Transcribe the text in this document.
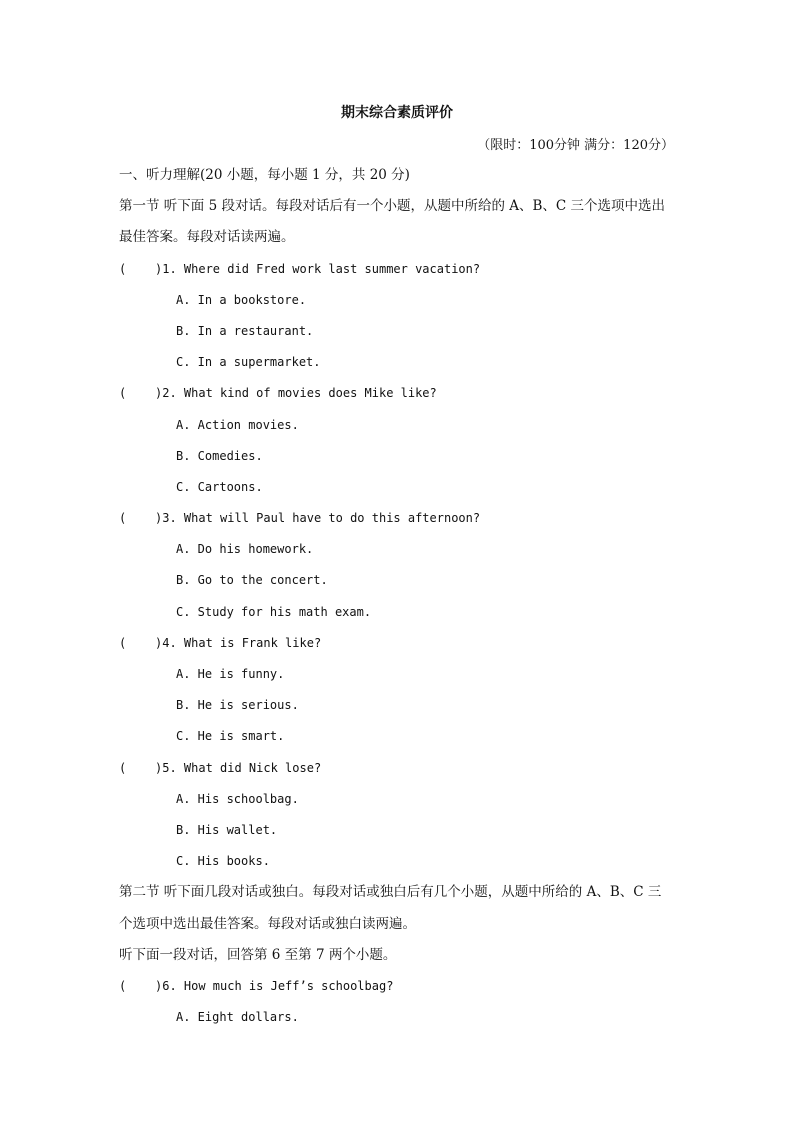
期末综合素质评价
（限时：100分钟 满分：120分）
一、听力理解(20 小题，每小题 1 分，共 20 分)
第一节 听下面 5 段对话。每段对话后有一个小题，从题中所给的 A、B、C 三个选项中选出
最佳答案。每段对话读两遍。
( )1. Where did Fred work last summer vacation?
A. In a bookstore.
B. In a restaurant.
C. In a supermarket.
( )2. What kind of movies does Mike like?
A. Action movies.
B. Comedies.
C. Cartoons.
( )3. What will Paul have to do this afternoon?
A. Do his homework.
B. Go to the concert.
C. Study for his math exam.
( )4. What is Frank like?
A. He is funny.
B. He is serious.
C. He is smart.
( )5. What did Nick lose?
A. His schoolbag.
B. His wallet.
C. His books.
第二节 听下面几段对话或独白。每段对话或独白后有几个小题，从题中所给的 A、B、C 三
个选项中选出最佳答案。每段对话或独白读两遍。
听下面一段对话，回答第 6 至第 7 两个小题。
( )6. How much is Jeff’s schoolbag?
A. Eight dollars.
